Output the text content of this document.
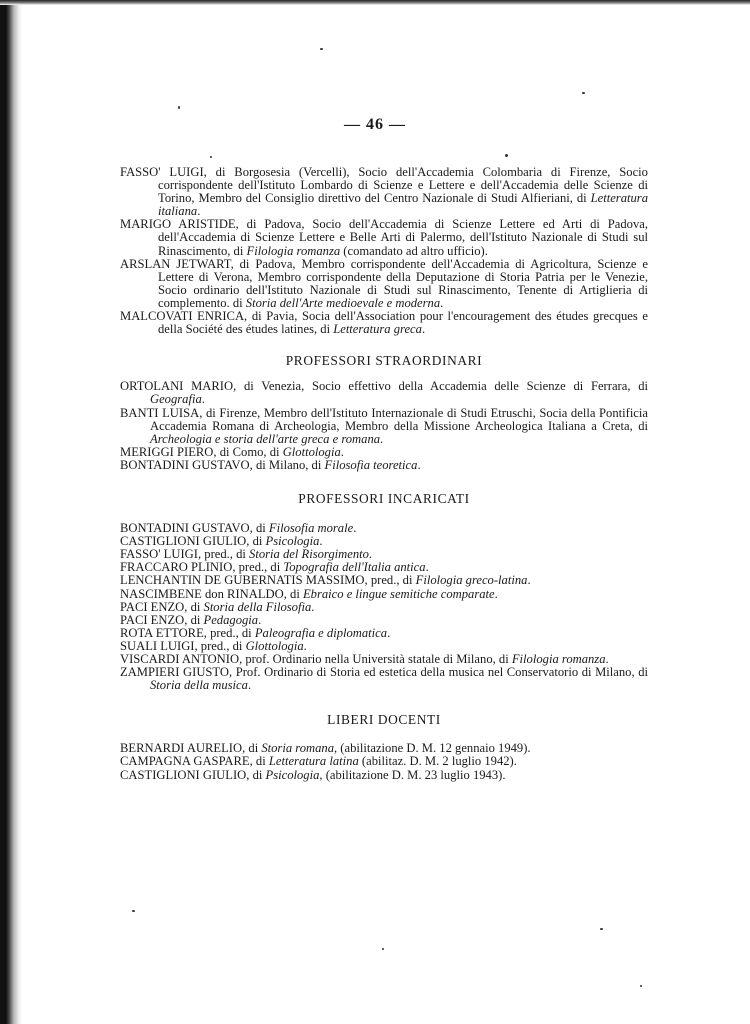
— 46 —

FASSO' LUIGI, di Borgosesia (Vercelli), Socio dell'Accademia Colombaria di Firenze, Socio corrispondente dell'Istituto Lombardo di Scienze e Lettere e dell'Accademia delle Scienze di Torino, Membro del Consiglio direttivo del Centro Nazionale di Studi Alfieriani, di Letteratura italiana.

MARIGO ARISTIDE, di Padova, Socio dell'Accademia di Scienze Lettere ed Arti di Padova, dell'Accademia di Scienze Lettere e Belle Arti di Palermo, dell'Istituto Nazionale di Studi sul Rinascimento, di Filologia romanza (comandato ad altro ufficio).

ARSLAN JETWART, di Padova, Membro corrispondente dell'Accademia di Agricoltura, Scienze e Lettere di Verona, Membro corrispondente della Deputazione di Storia Patria per le Venezie, Socio ordinario dell'Istituto Nazionale di Studi sul Rinascimento, Tenente di Artiglieria di complemento. di Storia dell'Arte medioevale e moderna.

MALCOVATI ENRICA, di Pavia, Socia dell'Association pour l'encouragement des études grecques e della Société des études latines, di Letteratura greca.

PROFESSORI STRAORDINARI

ORTOLANI MARIO, di Venezia, Socio effettivo della Accademia delle Scienze di Ferrara, di Geografia.

BANTI LUISA, di Firenze, Membro dell'Istituto Internazionale di Studi Etruschi, Socia della Pontificia Accademia Romana di Archeologia, Membro della Missione Archeologica Italiana a Creta, di Archeologia e storia dell'arte greca e romana.

MERIGGI PIERO, di Como, di Glottologia.

BONTADINI GUSTAVO, di Milano, di Filosofia teoretica.

PROFESSORI INCARICATI

BONTADINI GUSTAVO, di Filosofia morale.

CASTIGLIONI GIULIO, di Psicologia.

FASSO' LUIGI, pred., di Storia del Risorgimento.

FRACCARO PLINIO, pred., di Topografia dell'Italia antica.

LENCHANTIN DE GUBERNATIS MASSIMO, pred., di Filologia greco-latina.

NASCIMBENE don RINALDO, di Ebraico e lingue semitiche comparate.

PACI ENZO, di Storia della Filosofia.

PACI ENZO, di Pedagogia.

ROTA ETTORE, pred., di Paleografia e diplomatica.

SUALI LUIGI, pred., di Glottologia.

VISCARDI ANTONIO, prof. Ordinario nella Università statale di Milano, di Filologia romanza.

ZAMPIERI GIUSTO, Prof. Ordinario di Storia ed estetica della musica nel Conservatorio di Milano, di Storia della musica.

LIBERI DOCENTI

BERNARDI AURELIO, di Storia romana, (abilitazione D. M. 12 gennaio 1949).

CAMPAGNA GASPARE, di Letteratura latina (abilitaz. D. M. 2 luglio 1942).

CASTIGLIONI GIULIO, di Psicologia, (abilitazione D. M. 23 luglio 1943).
